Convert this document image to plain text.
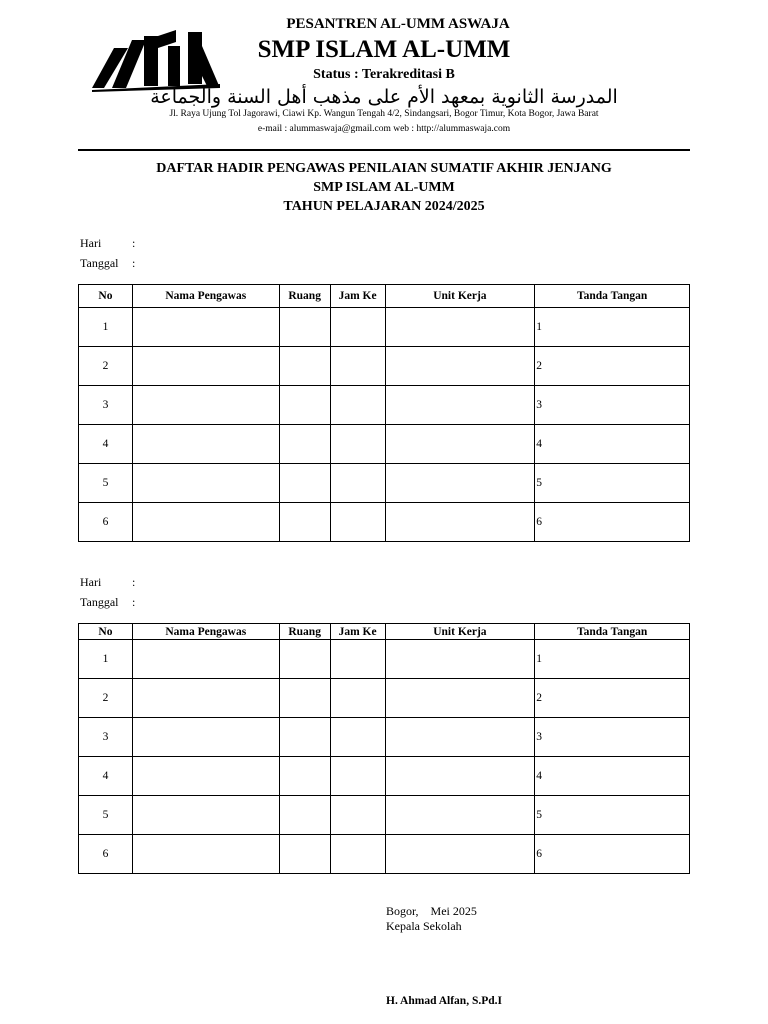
PESANTREN AL-UMM ASWAJA
SMP ISLAM AL-UMM
Status : Terakreditasi B
المدرسة الثانوية بمعهد الأم على مذهب أهل السنة والجماعة
Jl. Raya Ujung Tol Jagorawi, Ciawi Kp. Wangun Tengah 4/2, Sindangsari, Bogor Timur, Kota Bogor, Jawa Barat
e-mail : alummaswaja@gmail.com web : http://alummaswaja.com
DAFTAR HADIR PENGAWAS PENILAIAN SUMATIF AKHIR JENJANG
SMP ISLAM AL-UMM
TAHUN PELAJARAN 2024/2025
Hari	:
Tanggal :
No	Nama Pengawas	Ruang	Jam Ke	Unit Kerja	Tanda Tangan
1					1
2					2
3					3
4					4
5					5
6					6
Hari	:
Tanggal :
No	Nama Pengawas	Ruang	Jam Ke	Unit Kerja	Tanda Tangan
1					1
2					2
3					3
4					4
5					5
6					6
Bogor,    Mei 2025
Kepala Sekolah
H. Ahmad Alfan, S.Pd.I
